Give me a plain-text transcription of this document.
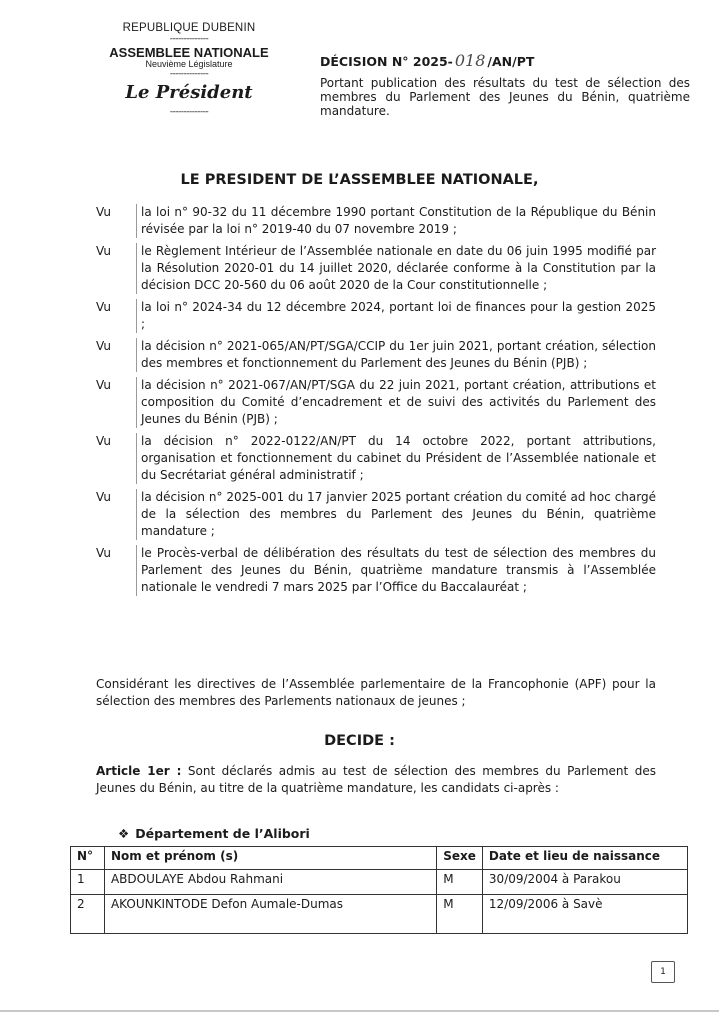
REPUBLIQUE DUBENIN
--------------
ASSEMBLEE NATIONALE
Neuvième Législature
--------------
Le Président
--------------
DÉCISION N° 2025- 018 /AN/PT
Portant publication des résultats du test de sélection des membres du Parlement des Jeunes du Bénin, quatrième mandature.
LE PRESIDENT DE L’ASSEMBLEE NATIONALE,
Vu	la loi n° 90-32 du 11 décembre 1990 portant Constitution de la République du Bénin révisée par la loi n° 2019-40 du 07 novembre 2019 ;
Vu	le Règlement Intérieur de l’Assemblée nationale en date du 06 juin 1995 modifié par la Résolution 2020-01 du 14 juillet 2020, déclarée conforme à la Constitution par la décision DCC 20-560 du 06 août 2020 de la Cour constitutionnelle ;
Vu	la loi n° 2024-34 du 12 décembre 2024, portant loi de finances pour la gestion 2025 ;
Vu	la décision n° 2021-065/AN/PT/SGA/CCIP du 1er juin 2021, portant création, sélection des membres et fonctionnement du Parlement des Jeunes du Bénin (PJB) ;
Vu	la décision n° 2021-067/AN/PT/SGA du 22 juin 2021, portant création, attributions et composition du Comité d’encadrement et de suivi des activités du Parlement des Jeunes du Bénin (PJB) ;
Vu	la décision n° 2022-0122/AN/PT du 14 octobre 2022, portant attributions, organisation et fonctionnement du cabinet du Président de l’Assemblée nationale et du Secrétariat général administratif ;
Vu	la décision n° 2025-001 du 17 janvier 2025 portant création du comité ad hoc chargé de la sélection des membres du Parlement des Jeunes du Bénin, quatrième mandature ;
Vu	le Procès-verbal de délibération des résultats du test de sélection des membres du Parlement des Jeunes du Bénin, quatrième mandature transmis à l’Assemblée nationale le vendredi 7 mars 2025 par l’Office du Baccalauréat ;
Considérant les directives de l’Assemblée parlementaire de la Francophonie (APF) pour la sélection des membres des Parlements nationaux de jeunes ;
DECIDE :
Article 1er : Sont déclarés admis au test de sélection des membres du Parlement des Jeunes du Bénin, au titre de la quatrième mandature, les candidats ci-après :
❖ Département de l’Alibori
N°	Nom et prénom (s)	Sexe	Date et lieu de naissance
1	ABDOULAYE Abdou Rahmani	M	30/09/2004 à Parakou
2	AKOUNKINTODE Defon Aumale-Dumas	M	12/09/2006 à Savè
1
